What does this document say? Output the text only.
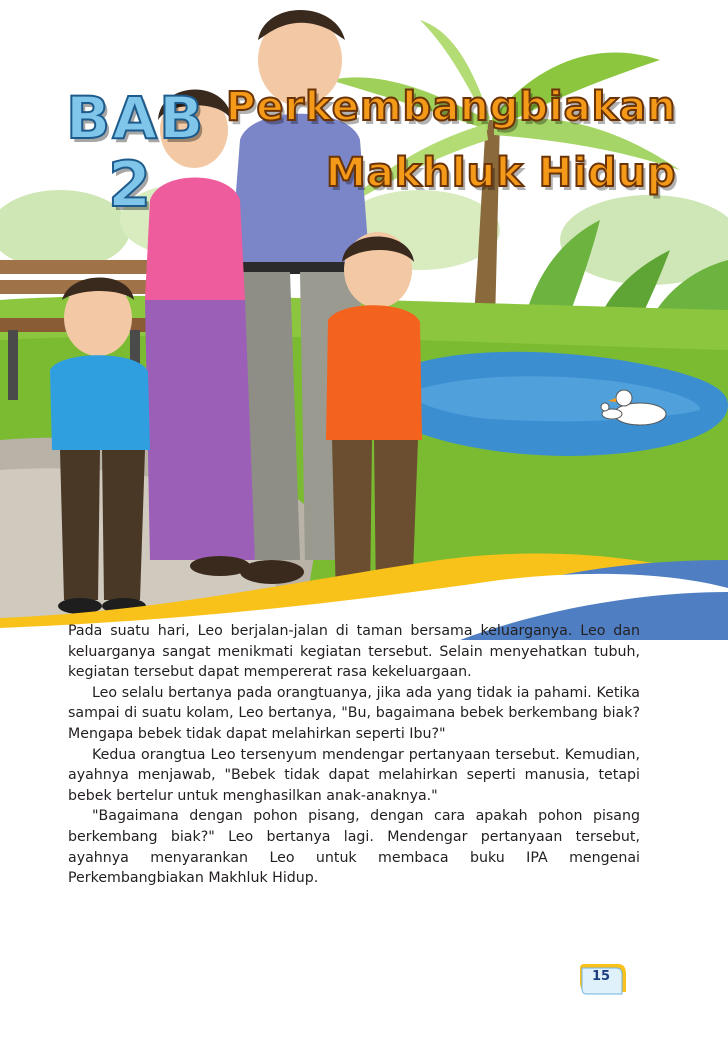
BAB
2
Perkembangbiakan
Makhluk Hidup

Pada suatu hari, Leo berjalan-jalan di taman bersama keluarganya. Leo dan keluarganya sangat menikmati kegiatan tersebut. Selain menyehatkan tubuh, kegiatan tersebut dapat mempererat rasa kekeluargaan.

Leo selalu bertanya pada orangtuanya, jika ada yang tidak ia pahami. Ketika sampai di suatu kolam, Leo bertanya, "Bu, bagaimana bebek berkembang biak? Mengapa bebek tidak dapat melahirkan seperti Ibu?"

Kedua orangtua Leo tersenyum mendengar pertanyaan tersebut. Kemudian, ayahnya menjawab, "Bebek tidak dapat melahirkan seperti manusia, tetapi bebek bertelur untuk menghasilkan anak-anaknya."

"Bagaimana dengan pohon pisang, dengan cara apakah pohon pisang berkembang biak?" Leo bertanya lagi. Mendengar pertanyaan tersebut, ayahnya menyarankan Leo untuk membaca buku IPA mengenai Perkembangbiakan Makhluk Hidup.

15
